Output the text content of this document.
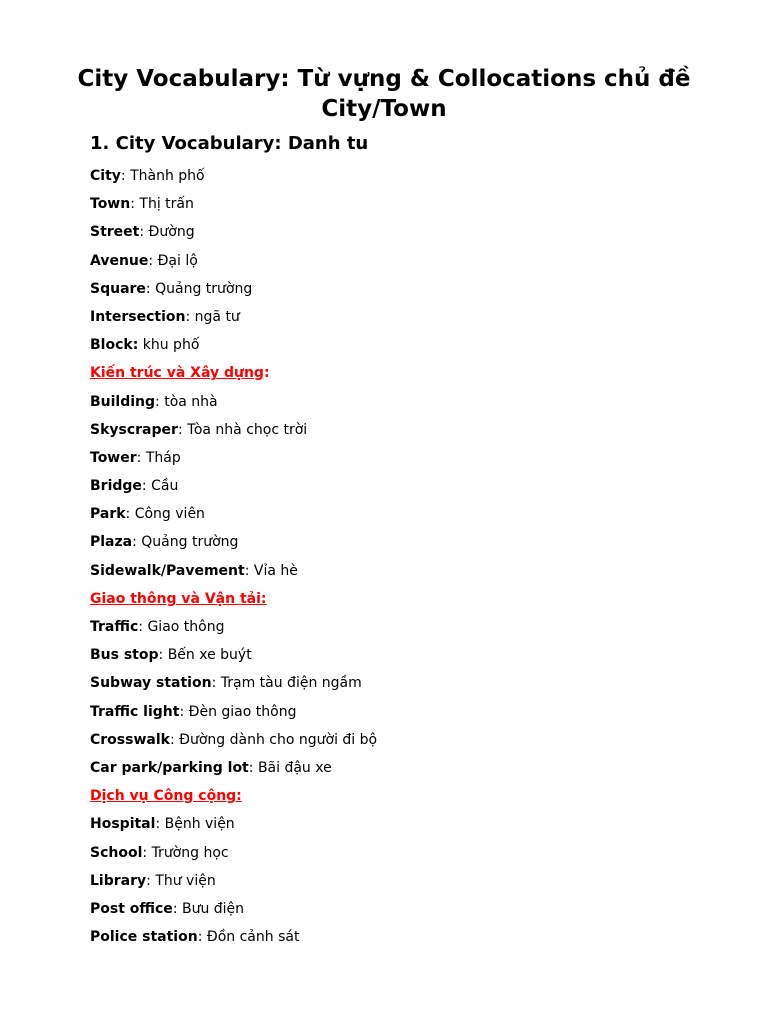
City Vocabulary: Từ vựng & Collocations chủ đề City/Town
1. City Vocabulary: Danh tu
City: Thành phố
Town: Thị trấn
Street: Đường
Avenue: Đại lộ
Square: Quảng trường
Intersection: ngã tư
Block: khu phố
Kiến trúc và Xây dựng:
Building: tòa nhà
Skyscraper: Tòa nhà chọc trời
Tower: Tháp
Bridge: Cầu
Park: Công viên
Plaza: Quảng trường
Sidewalk/Pavement: Vỉa hè
Giao thông và Vận tải:
Traffic: Giao thông
Bus stop: Bến xe buýt
Subway station: Trạm tàu điện ngầm
Traffic light: Đèn giao thông
Crosswalk: Đường dành cho người đi bộ
Car park/parking lot: Bãi đậu xe
Dịch vụ Công cộng:
Hospital: Bệnh viện
School: Trường học
Library: Thư viện
Post office: Bưu điện
Police station: Đồn cảnh sát
